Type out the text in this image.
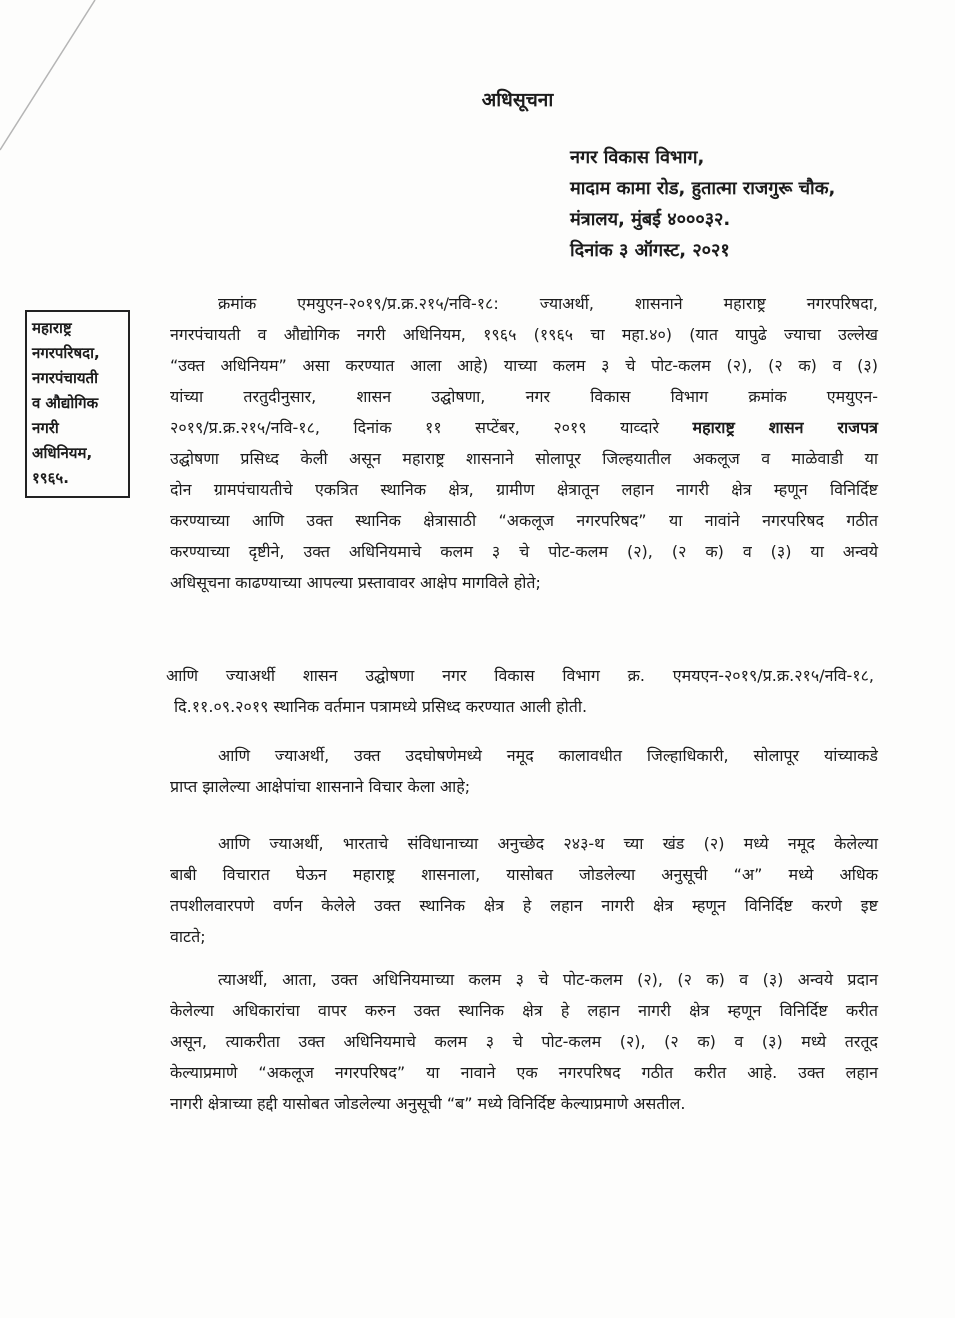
अधिसूचना
नगर विकास विभाग,
मादाम कामा रोड, हुतात्मा राजगुरू चौक,
मंत्रालय, मुंबई ४०००३२.
दिनांक ३ ऑगस्ट, २०२१
महाराष्ट्र
नगरपरिषदा,
नगरपंचायती
व औद्योगिक
नगरी
अधिनियम,
१९६५.
क्रमांक एमयुएन-२०१९/प्र.क्र.२१५/नवि-१८: ज्याअर्थी, शासनाने महाराष्ट्र नगरपरिषदा,
नगरपंचायती व औद्योगिक नगरी अधिनियम, १९६५ (१९६५ चा महा.४०) (यात यापुढे ज्याचा उल्लेख
“उक्त अधिनियम” असा करण्यात आला आहे) याच्या कलम ३ चे पोट-कलम (२), (२ क) व (३)
यांच्या तरतुदीनुसार, शासन उद्घोषणा, नगर विकास विभाग क्रमांक एमयुएन-
२०१९/प्र.क्र.२१५/नवि-१८, दिनांक ११ सप्टेंबर, २०१९ याव्दारे महाराष्ट्र शासन राजपत्र
उद्घोषणा प्रसिध्द केली असून महाराष्ट्र शासनाने सोलापूर जिल्हयातील अकलूज व माळेवाडी या
दोन ग्रामपंचायतीचे एकत्रित स्थानिक क्षेत्र, ग्रामीण क्षेत्रातून लहान नागरी क्षेत्र म्हणून विनिर्दिष्ट
करण्याच्या आणि उक्त स्थानिक क्षेत्रासाठी “अकलूज नगरपरिषद” या नावांने नगरपरिषद गठीत
करण्याच्या दृष्टीने, उक्त अधिनियमाचे कलम ३ चे पोट-कलम (२), (२ क) व (३) या अन्वये
अधिसूचना काढण्याच्या आपल्या प्रस्तावावर आक्षेप मागविले होते;
आणि ज्याअर्थी शासन उद्घोषणा नगर विकास विभाग क्र. एमयएन-२०१९/प्र.क्र.२१५/नवि-१८,
दि.११.०९.२०१९ स्थानिक वर्तमान पत्रामध्ये प्रसिध्द करण्यात आली होती.
आणि ज्याअर्थी, उक्त उदघोषणेमध्ये नमूद कालावधीत जिल्हाधिकारी, सोलापूर यांच्याकडे
प्राप्त झालेल्या आक्षेपांचा शासनाने विचार केला आहे;
आणि ज्याअर्थी, भारताचे संविधानाच्या अनुच्छेद २४३-थ च्या खंड (२) मध्ये नमूद केलेल्या
बाबी विचारात घेऊन महाराष्ट्र शासनाला, यासोबत जोडलेल्या अनुसूची “अ” मध्ये अधिक
तपशीलवारपणे वर्णन केलेले उक्त स्थानिक क्षेत्र हे लहान नागरी क्षेत्र म्हणून विनिर्दिष्ट करणे इष्ट
वाटते;
त्याअर्थी, आता, उक्त अधिनियमाच्या कलम ३ चे पोट-कलम (२), (२ क) व (३) अन्वये प्रदान
केलेल्या अधिकारांचा वापर करुन उक्त स्थानिक क्षेत्र हे लहान नागरी क्षेत्र म्हणून विनिर्दिष्ट करीत
असून, त्याकरीता उक्त अधिनियमाचे कलम ३ चे पोट-कलम (२), (२ क) व (३) मध्ये तरतूद
केल्याप्रमाणे “अकलूज नगरपरिषद” या नावाने एक नगरपरिषद गठीत करीत आहे. उक्त लहान
नागरी क्षेत्राच्या हद्दी यासोबत जोडलेल्या अनुसूची “ब” मध्ये विनिर्दिष्ट केल्याप्रमाणे असतील.
